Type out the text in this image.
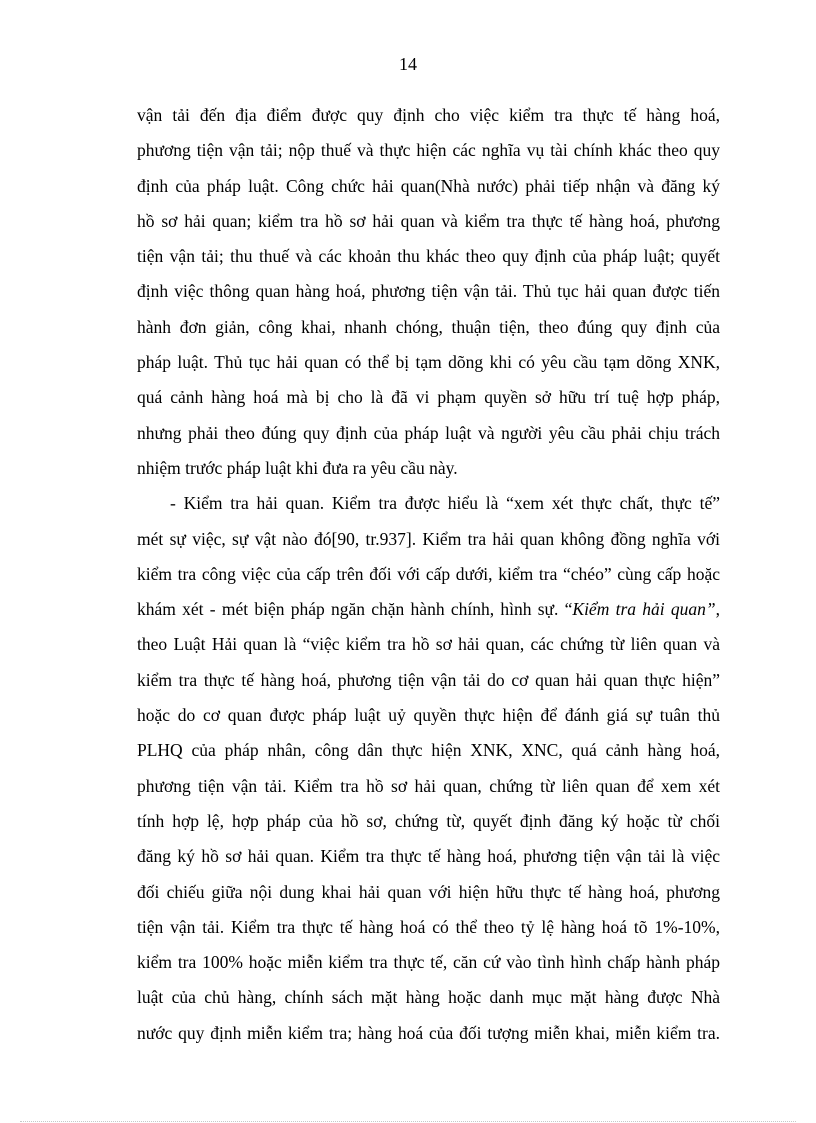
14
vận tải đến địa điểm được quy định cho việc kiểm tra thực tế hàng hoá,
phương tiện vận tải; nộp thuế và thực hiện các nghĩa vụ tài chính khác theo quy
định của pháp luật. Công chức hải quan(Nhà nước) phải tiếp nhận và đăng ký
hồ sơ hải quan; kiểm tra hồ sơ hải quan và kiểm tra thực tế hàng hoá, phương
tiện vận tải; thu thuế và các khoản thu khác theo quy định của pháp luật; quyết
định việc thông quan hàng hoá, phương tiện vận tải. Thủ tục hải quan được tiến
hành đơn giản, công khai, nhanh chóng, thuận tiện, theo đúng quy định của
pháp luật. Thủ tục hải quan có thể bị tạm dõng khi có yêu cầu tạm dõng XNK,
quá cảnh hàng hoá mà bị cho là đã vi phạm quyền sở hữu trí tuệ hợp pháp,
nhưng phải theo đúng quy định của pháp luật và người yêu cầu phải chịu trách
nhiệm trước pháp luật khi đưa ra yêu cầu này.
- Kiểm tra hải quan. Kiểm tra được hiểu là “xem xét thực chất, thực tế”
mét sự việc, sự vật nào đó[90, tr.937]. Kiểm tra hải quan không đồng nghĩa với
kiểm tra công việc của cấp trên đối với cấp dưới, kiểm tra “chéo” cùng cấp hoặc
khám xét - mét biện pháp ngăn chặn hành chính, hình sự. “Kiểm tra hải quan”,
theo Luật Hải quan là “việc kiểm tra hồ sơ hải quan, các chứng từ liên quan và
kiểm tra thực tế hàng hoá, phương tiện vận tải do cơ quan hải quan thực hiện”
hoặc do cơ quan được pháp luật uỷ quyền thực hiện để đánh giá sự tuân thủ
PLHQ của pháp nhân, công dân thực hiện XNK, XNC, quá cảnh hàng hoá,
phương tiện vận tải. Kiểm tra hồ sơ hải quan, chứng từ liên quan để xem xét
tính hợp lệ, hợp pháp của hồ sơ, chứng từ, quyết định đăng ký hoặc từ chối
đăng ký hồ sơ hải quan. Kiểm tra thực tế hàng hoá, phương tiện vận tải là việc
đối chiếu giữa nội dung khai hải quan với hiện hữu thực tế hàng hoá, phương
tiện vận tải. Kiểm tra thực tế hàng hoá có thể theo tỷ lệ hàng hoá tõ 1%-10%,
kiểm tra 100% hoặc miễn kiểm tra thực tế, căn cứ vào tình hình chấp hành pháp
luật của chủ hàng, chính sách mặt hàng hoặc danh mục mặt hàng được Nhà
nước quy định miễn kiểm tra; hàng hoá của đối tượng miễn khai, miễn kiểm tra.
